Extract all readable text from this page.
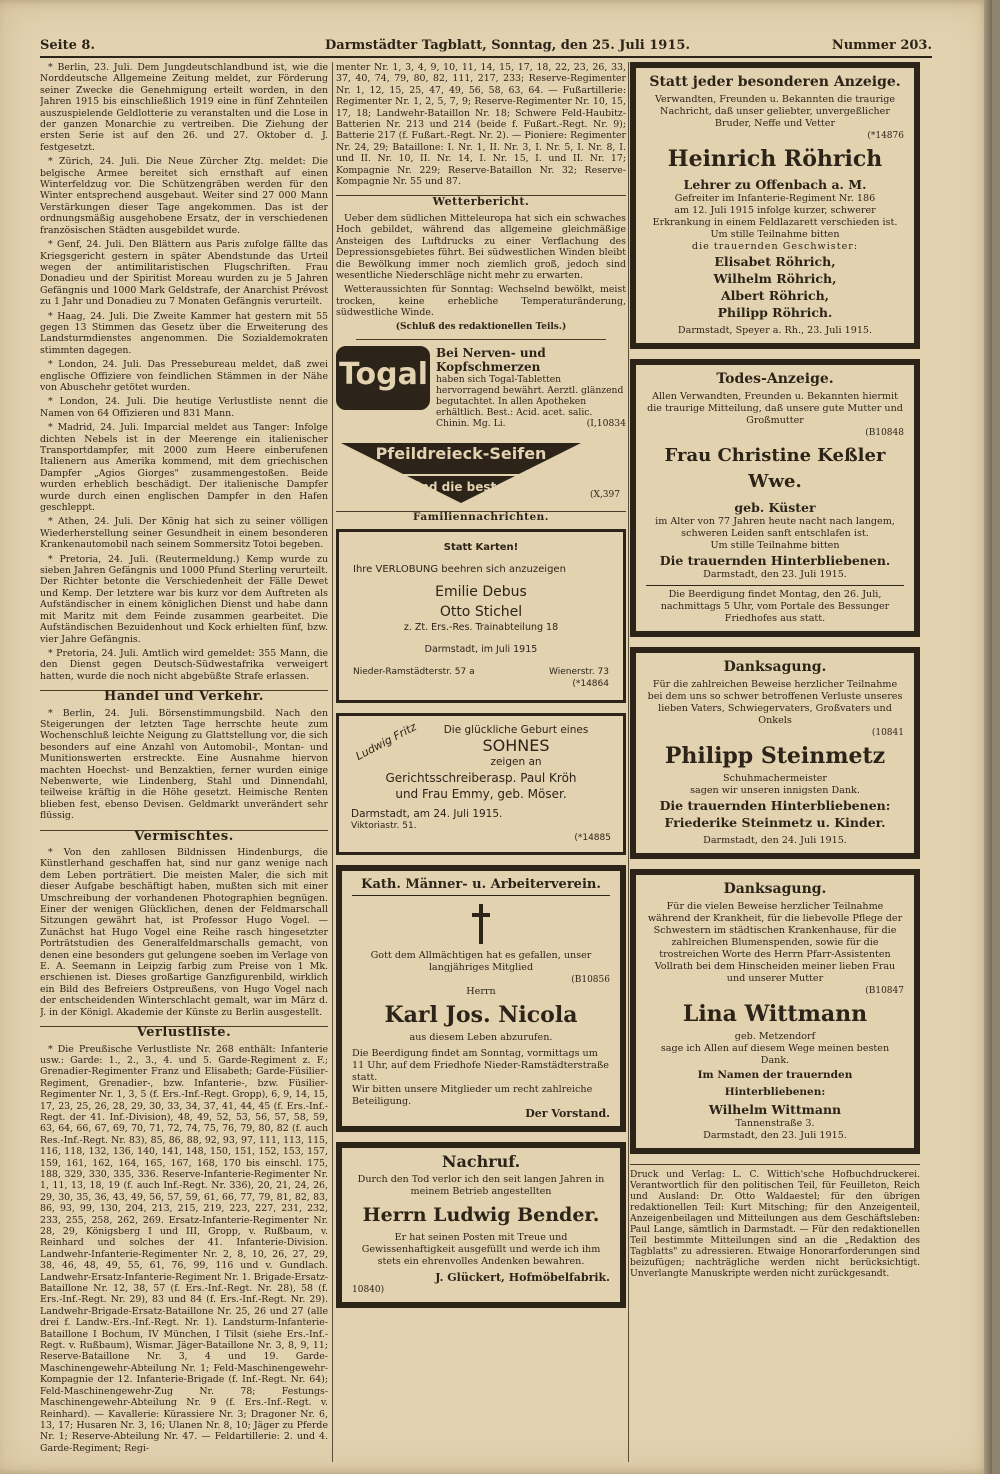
Seite 8.	Darmstädter Tagblatt, Sonntag, den 25. Juli 1915.	Nummer 203.

* Berlin, 23. Juli. Dem Jungdeutschlandbund ist, wie die Norddeutsche Allgemeine Zeitung meldet, zur Förderung seiner Zwecke die Genehmigung erteilt worden, in den Jahren 1915 bis einschließlich 1919 eine in fünf Zehnteilen auszuspielende Geldlotterie zu veranstalten und die Lose in der ganzen Monarchie zu vertreiben. Die Ziehung der ersten Serie ist auf den 26. und 27. Oktober d. J. festgesetzt.

* Zürich, 24. Juli. Die Neue Zürcher Ztg. meldet: Die belgische Armee bereitet sich ernsthaft auf einen Winterfeldzug vor. Die Schützengräben werden für den Winter entsprechend ausgebaut. Weiter sind 27 000 Mann Verstärkungen dieser Tage angekommen. Das ist der ordnungsmäßig ausgehobene Ersatz, der in verschiedenen französischen Städten ausgebildet wurde.

* Genf, 24. Juli. Den Blättern aus Paris zufolge fällte das Kriegsgericht gestern in später Abendstunde das Urteil wegen der antimilitaristischen Flugschriften. Frau Donadieu und der Spiritist Moreau wurden zu je 5 Jahren Gefängnis und 1000 Mark Geldstrafe, der Anarchist Prévost zu 1 Jahr und Donadieu zu 7 Monaten Gefängnis verurteilt.

* Haag, 24. Juli. Die Zweite Kammer hat gestern mit 55 gegen 13 Stimmen das Gesetz über die Erweiterung des Landsturmdienstes angenommen. Die Sozialdemokraten stimmten dagegen.

* London, 24. Juli. Das Pressebureau meldet, daß zwei englische Offiziere von feindlichen Stämmen in der Nähe von Abuschehr getötet wurden.

* London, 24. Juli. Die heutige Verlustliste nennt die Namen von 64 Offizieren und 831 Mann.

* Madrid, 24. Juli. Imparcial meldet aus Tanger: Infolge dichten Nebels ist in der Meerenge ein italienischer Transportdampfer, mit 2000 zum Heere einberufenen Italienern aus Amerika kommend, mit dem griechischen Dampfer „Agios Giorges" zusammengestoßen. Beide wurden erheblich beschädigt. Der italienische Dampfer wurde durch einen englischen Dampfer in den Hafen geschleppt.

* Athen, 24. Juli. Der König hat sich zu seiner völligen Wiederherstellung seiner Gesundheit in einem besonderen Krankenautomobil nach seinem Sommersitz Totoi begeben.

* Pretoria, 24. Juli. (Reutermeldung.) Kemp wurde zu sieben Jahren Gefängnis und 1000 Pfund Sterling verurteilt. Der Richter betonte die Verschiedenheit der Fälle Dewet und Kemp. Der letztere war bis kurz vor dem Auftreten als Aufständischer in einem königlichen Dienst und habe dann mit Maritz mit dem Feinde zusammen gearbeitet. Die Aufständischen Bezuidenhout und Kock erhielten fünf, bzw. vier Jahre Gefängnis.

* Pretoria, 24. Juli. Amtlich wird gemeldet: 355 Mann, die den Dienst gegen Deutsch-Südwestafrika verweigert hatten, wurde die noch nicht abgebüßte Strafe erlassen.

Handel und Verkehr.

* Berlin, 24. Juli. Börsenstimmungsbild. Nach den Steigerungen der letzten Tage herrschte heute zum Wochenschluß leichte Neigung zu Glattstellung vor, die sich besonders auf eine Anzahl von Automobil-, Montan- und Munitionswerten erstreckte. Eine Ausnahme hiervon machten Hoechst- und Benzaktien, ferner wurden einige Nebenwerte, wie Lindenberg, Stahl und Dinnendahl, teilweise kräftig in die Höhe gesetzt. Heimische Renten blieben fest, ebenso Devisen. Geldmarkt unverändert sehr flüssig.

Vermischtes.

* Von den zahllosen Bildnissen Hindenburgs, die Künstlerhand geschaffen hat, sind nur ganz wenige nach dem Leben porträtiert. Die meisten Maler, die sich mit dieser Aufgabe beschäftigt haben, mußten sich mit einer Umschreibung der vorhandenen Photographien begnügen. Einer der wenigen Glücklichen, denen der Feldmarschall Sitzungen gewährt hat, ist Professor Hugo Vogel. — Zunächst hat Hugo Vogel eine Reihe rasch hingesetzter Porträtstudien des Generalfeldmarschalls gemacht, von denen eine besonders gut gelungene soeben im Verlage von E. A. Seemann in Leipzig farbig zum Preise von 1 Mk. erschienen ist. Dieses großartige Ganzfigurenbild, wirklich ein Bild des Befreiers Ostpreußens, von Hugo Vogel nach der entscheidenden Winterschlacht gemalt, war im März d. J. in der Königl. Akademie der Künste zu Berlin ausgestellt.

Verlustliste.

* Die Preußische Verlustliste Nr. 268 enthält: Infanterie usw.: Garde: 1., 2., 3., 4. und 5. Garde-Regiment z. F.; Grenadier-Regimenter Franz und Elisabeth; Garde-Füsilier-Regiment, Grenadier-, bzw. Infanterie-, bzw. Füsilier-Regimenter Nr. 1, 3, 5 (f. Ers.-Inf.-Regt. Gropp), 6, 9, 14, 15, 17, 23, 25, 26, 28, 29, 30, 33, 34, 37, 41, 44, 45 (f. Ers.-Inf.-Regt. der 41. Inf.-Division), 48, 49, 52, 53, 56, 57, 58, 59, 63, 64, 66, 67, 69, 70, 71, 72, 74, 75, 76, 79, 80, 82 (f. auch Res.-Inf.-Regt. Nr. 83), 85, 86, 88, 92, 93, 97, 111, 113, 115, 116, 118, 132, 136, 140, 141, 148, 150, 151, 152, 153, 157, 159, 161, 162, 164, 165, 167, 168, 170 bis einschl. 175, 188, 329, 330, 335, 336. Reserve-Infanterie-Regimenter Nr. 1, 11, 13, 18, 19 (f. auch Inf.-Regt. Nr. 336), 20, 21, 24, 26, 29, 30, 35, 36, 43, 49, 56, 57, 59, 61, 66, 77, 79, 81, 82, 83, 86, 93, 99, 130, 204, 213, 215, 219, 223, 227, 231, 232, 233, 255, 258, 262, 269. Ersatz-Infanterie-Regimenter Nr. 28, 29, Königsberg I und III, Gropp, v. Rußbaum, v. Reinhard und solches der 41. Infanterie-Division. Landwehr-Infanterie-Regimenter Nr. 2, 8, 10, 26, 27, 29, 38, 46, 48, 49, 55, 61, 76, 99, 116 und v. Gundlach. Landwehr-Ersatz-Infanterie-Regiment Nr. 1. Brigade-Ersatz-Bataillone Nr. 12, 38, 57 (f. Ers.-Inf.-Regt. Nr. 28), 58 (f. Ers.-Inf.-Regt. Nr. 29), 83 und 84 (f. Ers.-Inf.-Regt. Nr. 29). Landwehr-Brigade-Ersatz-Bataillone Nr. 25, 26 und 27 (alle drei f. Landw.-Ers.-Inf.-Regt. Nr. 1). Landsturm-Infanterie-Bataillone I Bochum, IV München, I Tilsit (siehe Ers.-Inf.-Regt. v. Rußbaum), Wismar. Jäger-Bataillone Nr. 3, 8, 9, 11; Reserve-Bataillone Nr. 3, 4 und 19. Garde-Maschinengewehr-Abteilung Nr. 1; Feld-Maschinengewehr-Kompagnie der 12. Infanterie-Brigade (f. Inf.-Regt. Nr. 64); Feld-Maschinengewehr-Zug Nr. 78; Festungs-Maschinengewehr-Abteilung Nr. 9 (f. Ers.-Inf.-Regt. v. Reinhard). — Kavallerie: Kürassiere Nr. 3; Dragoner Nr. 6, 13, 17; Husaren Nr. 3, 16; Ulanen Nr. 8, 10; Jäger zu Pferde Nr. 1; Reserve-Abteilung Nr. 47. — Feldartillerie: 2. und 4. Garde-Regiment; Regi-

menter Nr. 1, 3, 4, 9, 10, 11, 14, 15, 17, 18, 22, 23, 26, 33, 37, 40, 74, 79, 80, 82, 111, 217, 233; Reserve-Regimenter Nr. 1, 12, 15, 25, 47, 49, 56, 58, 63, 64. — Fußartillerie: Regimenter Nr. 1, 2, 5, 7, 9; Reserve-Regimenter Nr. 10, 15, 17, 18; Landwehr-Bataillon Nr. 18; Schwere Feld-Haubitz-Batterien Nr. 213 und 214 (beide f. Fußart.-Regt. Nr. 9); Batterie 217 (f. Fußart.-Regt. Nr. 2). — Pioniere: Regimenter Nr. 24, 29; Bataillone: I. Nr. 1, II. Nr. 3, I. Nr. 5, I. Nr. 8, I. und II. Nr. 10, II. Nr. 14, I. Nr. 15, I. und II. Nr. 17; Kompagnie Nr. 229; Reserve-Bataillon Nr. 32; Reserve-Kompagnie Nr. 55 und 87.

Wetterbericht.

Ueber dem südlichen Mitteleuropa hat sich ein schwaches Hoch gebildet, während das allgemeine gleichmäßige Ansteigen des Luftdrucks zu einer Verflachung des Depressionsgebietes führt. Bei südwestlichen Winden bleibt die Bewölkung immer noch ziemlich groß, jedoch sind wesentliche Niederschläge nicht mehr zu erwarten.

Wetteraussichten für Sonntag: Wechselnd bewölkt, meist trocken, keine erhebliche Temperaturänderung, südwestliche Winde.

(Schluß des redaktionellen Teils.)
Togal
Bei Nerven- und Kopfschmerzen
haben sich Togal-Tabletten hervorragend bewährt. Aerztl. glänzend begutachtet. In allen Apotheken erhältlich. Best.: Acid. acet. salic. Chinin. Mg. Li.	(I,10834
Pfeildreieck-Seifen
sind die besten
(X,397
Familiennachrichten.
Statt Karten!
Ihre VERLOBUNG beehren sich anzuzeigen
Emilie Debus
Otto Stichel
z. Zt. Ers.-Res. Trainabteilung 18
Darmstadt, im Juli 1915
Nieder-Ramstädterstr. 57 a	Wienerstr. 73
(*14864
Ludwig Fritz	Die glückliche Geburt eines
SOHNES
zeigen an
Gerichtsschreiberasp. Paul Kröh
und Frau Emmy, geb. Möser.
Darmstadt, am 24. Juli 1915.
Viktoriastr. 51.
(*14885
Kath. Männer- u. Arbeiterverein.
Gott dem Allmächtigen hat es gefallen, unser langjähriges Mitglied
(B10856
Herrn
Karl Jos. Nicola
aus diesem Leben abzurufen.
Die Beerdigung findet am Sonntag, vormittags um 11 Uhr, auf dem Friedhofe Nieder-Ramstädterstraße statt.
Wir bitten unsere Mitglieder um recht zahlreiche Beteiligung.
Der Vorstand.
Nachruf.
Durch den Tod verlor ich den seit langen Jahren in meinem Betrieb angestellten
Herrn Ludwig Bender.
Er hat seinen Posten mit Treue und Gewissenhaftigkeit ausgefüllt und werde ich ihm stets ein ehrenvolles Andenken bewahren.
J. Glückert, Hofmöbelfabrik.
10840)
Statt jeder besonderen Anzeige.
Verwandten, Freunden u. Bekannten die traurige Nachricht, daß unser geliebter, unvergeßlicher Bruder, Neffe und Vetter
(*14876
Heinrich Röhrich
Lehrer zu Offenbach a. M.
Gefreiter im Infanterie-Regiment Nr. 186
am 12. Juli 1915 infolge kurzer, schwerer Erkrankung in einem Feldlazarett verschieden ist.
Um stille Teilnahme bitten
die trauernden Geschwister:
Elisabet Röhrich,
Wilhelm Röhrich,
Albert Röhrich,
Philipp Röhrich.
Darmstadt, Speyer a. Rh., 23. Juli 1915.
Todes-Anzeige.
Allen Verwandten, Freunden u. Bekannten hiermit die traurige Mitteilung, daß unsere gute Mutter und Großmutter
(B10848
Frau Christine Keßler Wwe.
geb. Küster
im Alter von 77 Jahren heute nacht nach langem, schweren Leiden sanft entschlafen ist.
Um stille Teilnahme bitten
Die trauernden Hinterbliebenen.
Darmstadt, den 23. Juli 1915.
Die Beerdigung findet Montag, den 26. Juli, nachmittags 5 Uhr, vom Portale des Bessunger Friedhofes aus statt.
Danksagung.
Für die zahlreichen Beweise herzlicher Teilnahme bei dem uns so schwer betroffenen Verluste unseres lieben Vaters, Schwiegervaters, Großvaters und Onkels
(10841
Philipp Steinmetz
Schuhmachermeister
sagen wir unseren innigsten Dank.
Die trauernden Hinterbliebenen:
Friederike Steinmetz u. Kinder.
Darmstadt, den 24. Juli 1915.
Danksagung.
Für die vielen Beweise herzlicher Teilnahme während der Krankheit, für die liebevolle Pflege der Schwestern im städtischen Krankenhause, für die zahlreichen Blumenspenden, sowie für die trostreichen Worte des Herrn Pfarr-Assistenten Vollrath bei dem Hinscheiden meiner lieben Frau und unserer Mutter
(B10847
Lina Wittmann
geb. Metzendorf
sage ich Allen auf diesem Wege meinen besten Dank.
Im Namen der trauernden Hinterbliebenen:
Wilhelm Wittmann
Tannenstraße 3.
Darmstadt, den 23. Juli 1915.

Druck und Verlag: L. C. Wittich'sche Hofbuchdruckerei. Verantwortlich für den politischen Teil, für Feuilleton, Reich und Ausland: Dr. Otto Waldaestel; für den übrigen redaktionellen Teil: Kurt Mitsching; für den Anzeigenteil, Anzeigenbeilagen und Mitteilungen aus dem Geschäftsleben: Paul Lange, sämtlich in Darmstadt. — Für den redaktionellen Teil bestimmte Mitteilungen sind an die „Redaktion des Tagblatts" zu adressieren. Etwaige Honorarforderungen sind beizufügen; nachträgliche werden nicht berücksichtigt. Unverlangte Manuskripte werden nicht zurückgesandt.
